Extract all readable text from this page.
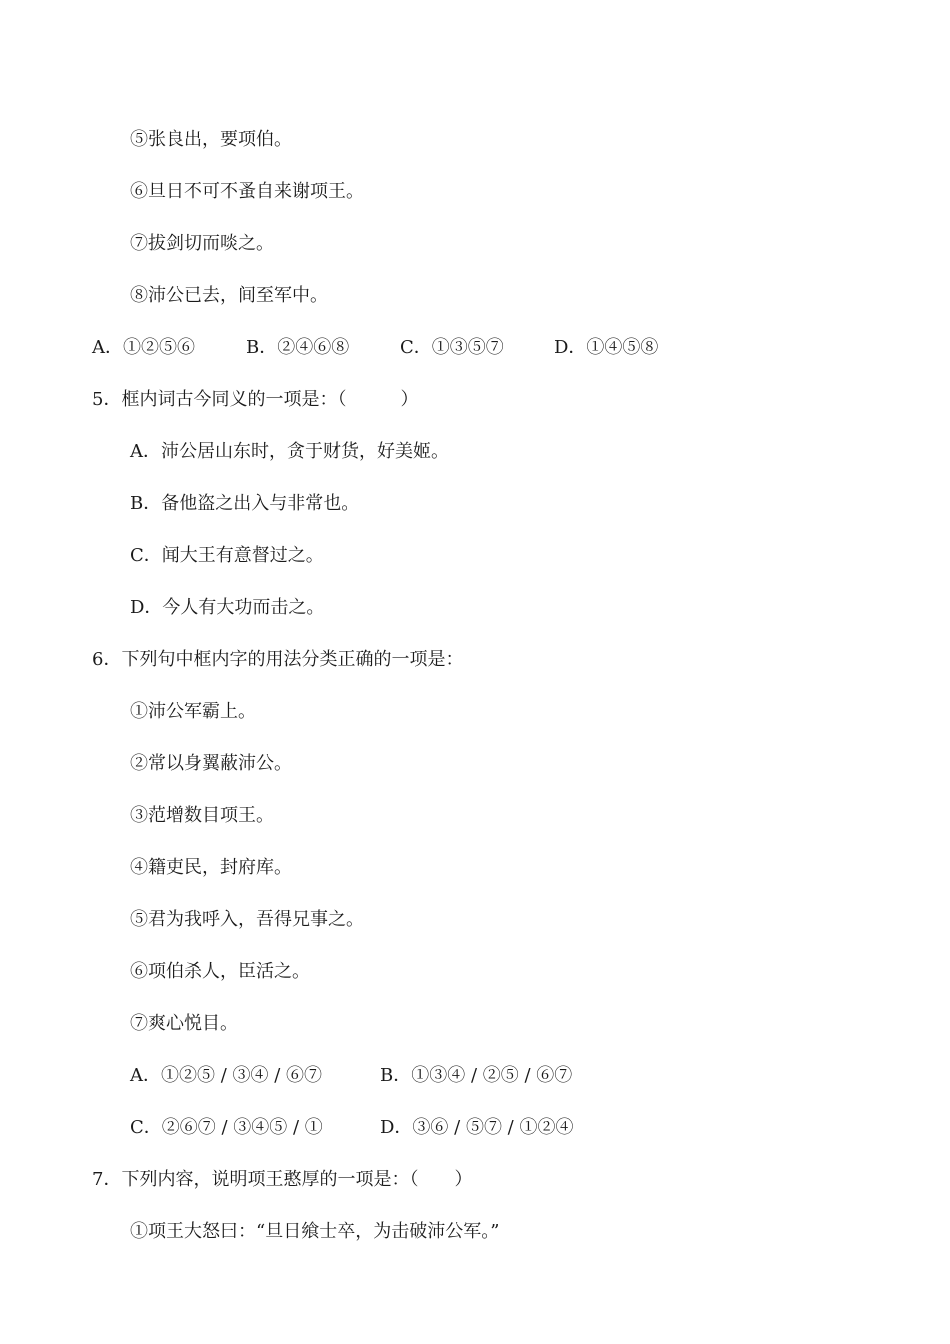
⑤张良出，要项伯。
⑥旦日不可不蚤自来谢项王。
⑦拔剑切而啖之。
⑧沛公已去，间至军中。
A．①②⑤⑥	B．②④⑥⑧	C．①③⑤⑦	D．①④⑤⑧
5．框内词古今同义的一项是：（　　　）
A．沛公居山东时，贪于财货，好美姬。
B．备他盗之出入与非常也。
C．闻大王有意督过之。
D．今人有大功而击之。
6．下列句中框内字的用法分类正确的一项是：
①沛公军霸上。
②常以身翼蔽沛公。
③范增数目项王。
④籍吏民，封府库。
⑤君为我呼入，吾得兄事之。
⑥项伯杀人，臣活之。
⑦爽心悦目。
A．①②⑤ / ③④ / ⑥⑦	B．①③④ / ②⑤ / ⑥⑦
C．②⑥⑦ / ③④⑤ / ①	D．③⑥ / ⑤⑦ / ①②④
7．下列内容，说明项王憨厚的一项是：（　　）
①项王大怒曰：“旦日飨士卒，为击破沛公军。”
